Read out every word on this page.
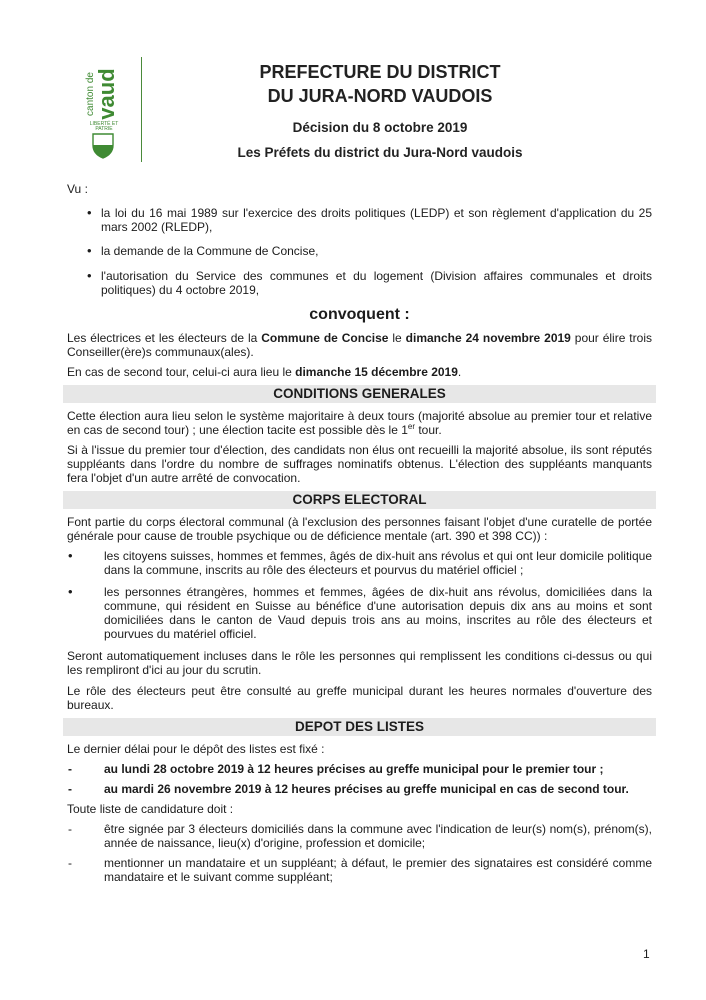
canton de
vaud
LIBERTÉ ET PATRIE
PREFECTURE DU DISTRICT
DU JURA-NORD VAUDOIS
Décision du 8 octobre 2019
Les Préfets du district du Jura-Nord vaudois

Vu :

• la loi du 16 mai 1989 sur l'exercice des droits politiques (LEDP) et son règlement d'application du 25 mars 2002 (RLEDP),
• la demande de la Commune de Concise,
• l'autorisation du Service des communes et du logement (Division affaires communales et droits politiques) du 4 octobre 2019,
convoquent :

Les électrices et les électeurs de la Commune de Concise le dimanche 24 novembre 2019 pour élire trois Conseiller(ère)s communaux(ales).

En cas de second tour, celui-ci aura lieu le dimanche 15 décembre 2019.

CONDITIONS GENERALES

Cette élection aura lieu selon le système majoritaire à deux tours (majorité absolue au premier tour et relative en cas de second tour) ; une élection tacite est possible dès le 1er tour.

Si à l'issue du premier tour d'élection, des candidats non élus ont recueilli la majorité absolue, ils sont réputés suppléants dans l'ordre du nombre de suffrages nominatifs obtenus. L'élection des suppléants manquants fera l'objet d'un autre arrêté de convocation.

CORPS ELECTORAL

Font partie du corps électoral communal (à l'exclusion des personnes faisant l'objet d'une curatelle de portée générale pour cause de trouble psychique ou de déficience mentale (art. 390 et 398 CC)) :

•	les citoyens suisses, hommes et femmes, âgés de dix-huit ans révolus et qui ont leur domicile politique dans la commune, inscrits au rôle des électeurs et pourvus du matériel officiel ;
•	les personnes étrangères, hommes et femmes, âgées de dix-huit ans révolus, domiciliées dans la commune, qui résident en Suisse au bénéfice d'une autorisation depuis dix ans au moins et sont domiciliées dans le canton de Vaud depuis trois ans au moins, inscrites au rôle des électeurs et pourvues du matériel officiel.

Seront automatiquement incluses dans le rôle les personnes qui remplissent les conditions ci-dessus ou qui les rempliront d'ici au jour du scrutin.

Le rôle des électeurs peut être consulté au greffe municipal durant les heures normales d'ouverture des bureaux.

DEPOT DES LISTES

Le dernier délai pour le dépôt des listes est fixé :

-	au lundi 28 octobre 2019 à 12 heures précises au greffe municipal pour le premier tour ;
-	au mardi 26 novembre 2019 à 12 heures précises au greffe municipal en cas de second tour.

Toute liste de candidature doit :

-	être signée par 3 électeurs domiciliés dans la commune avec l'indication de leur(s) nom(s), prénom(s), année de naissance, lieu(x) d'origine, profession et domicile;
-	mentionner un mandataire et un suppléant; à défaut, le premier des signataires est considéré comme mandataire et le suivant comme suppléant;
1
